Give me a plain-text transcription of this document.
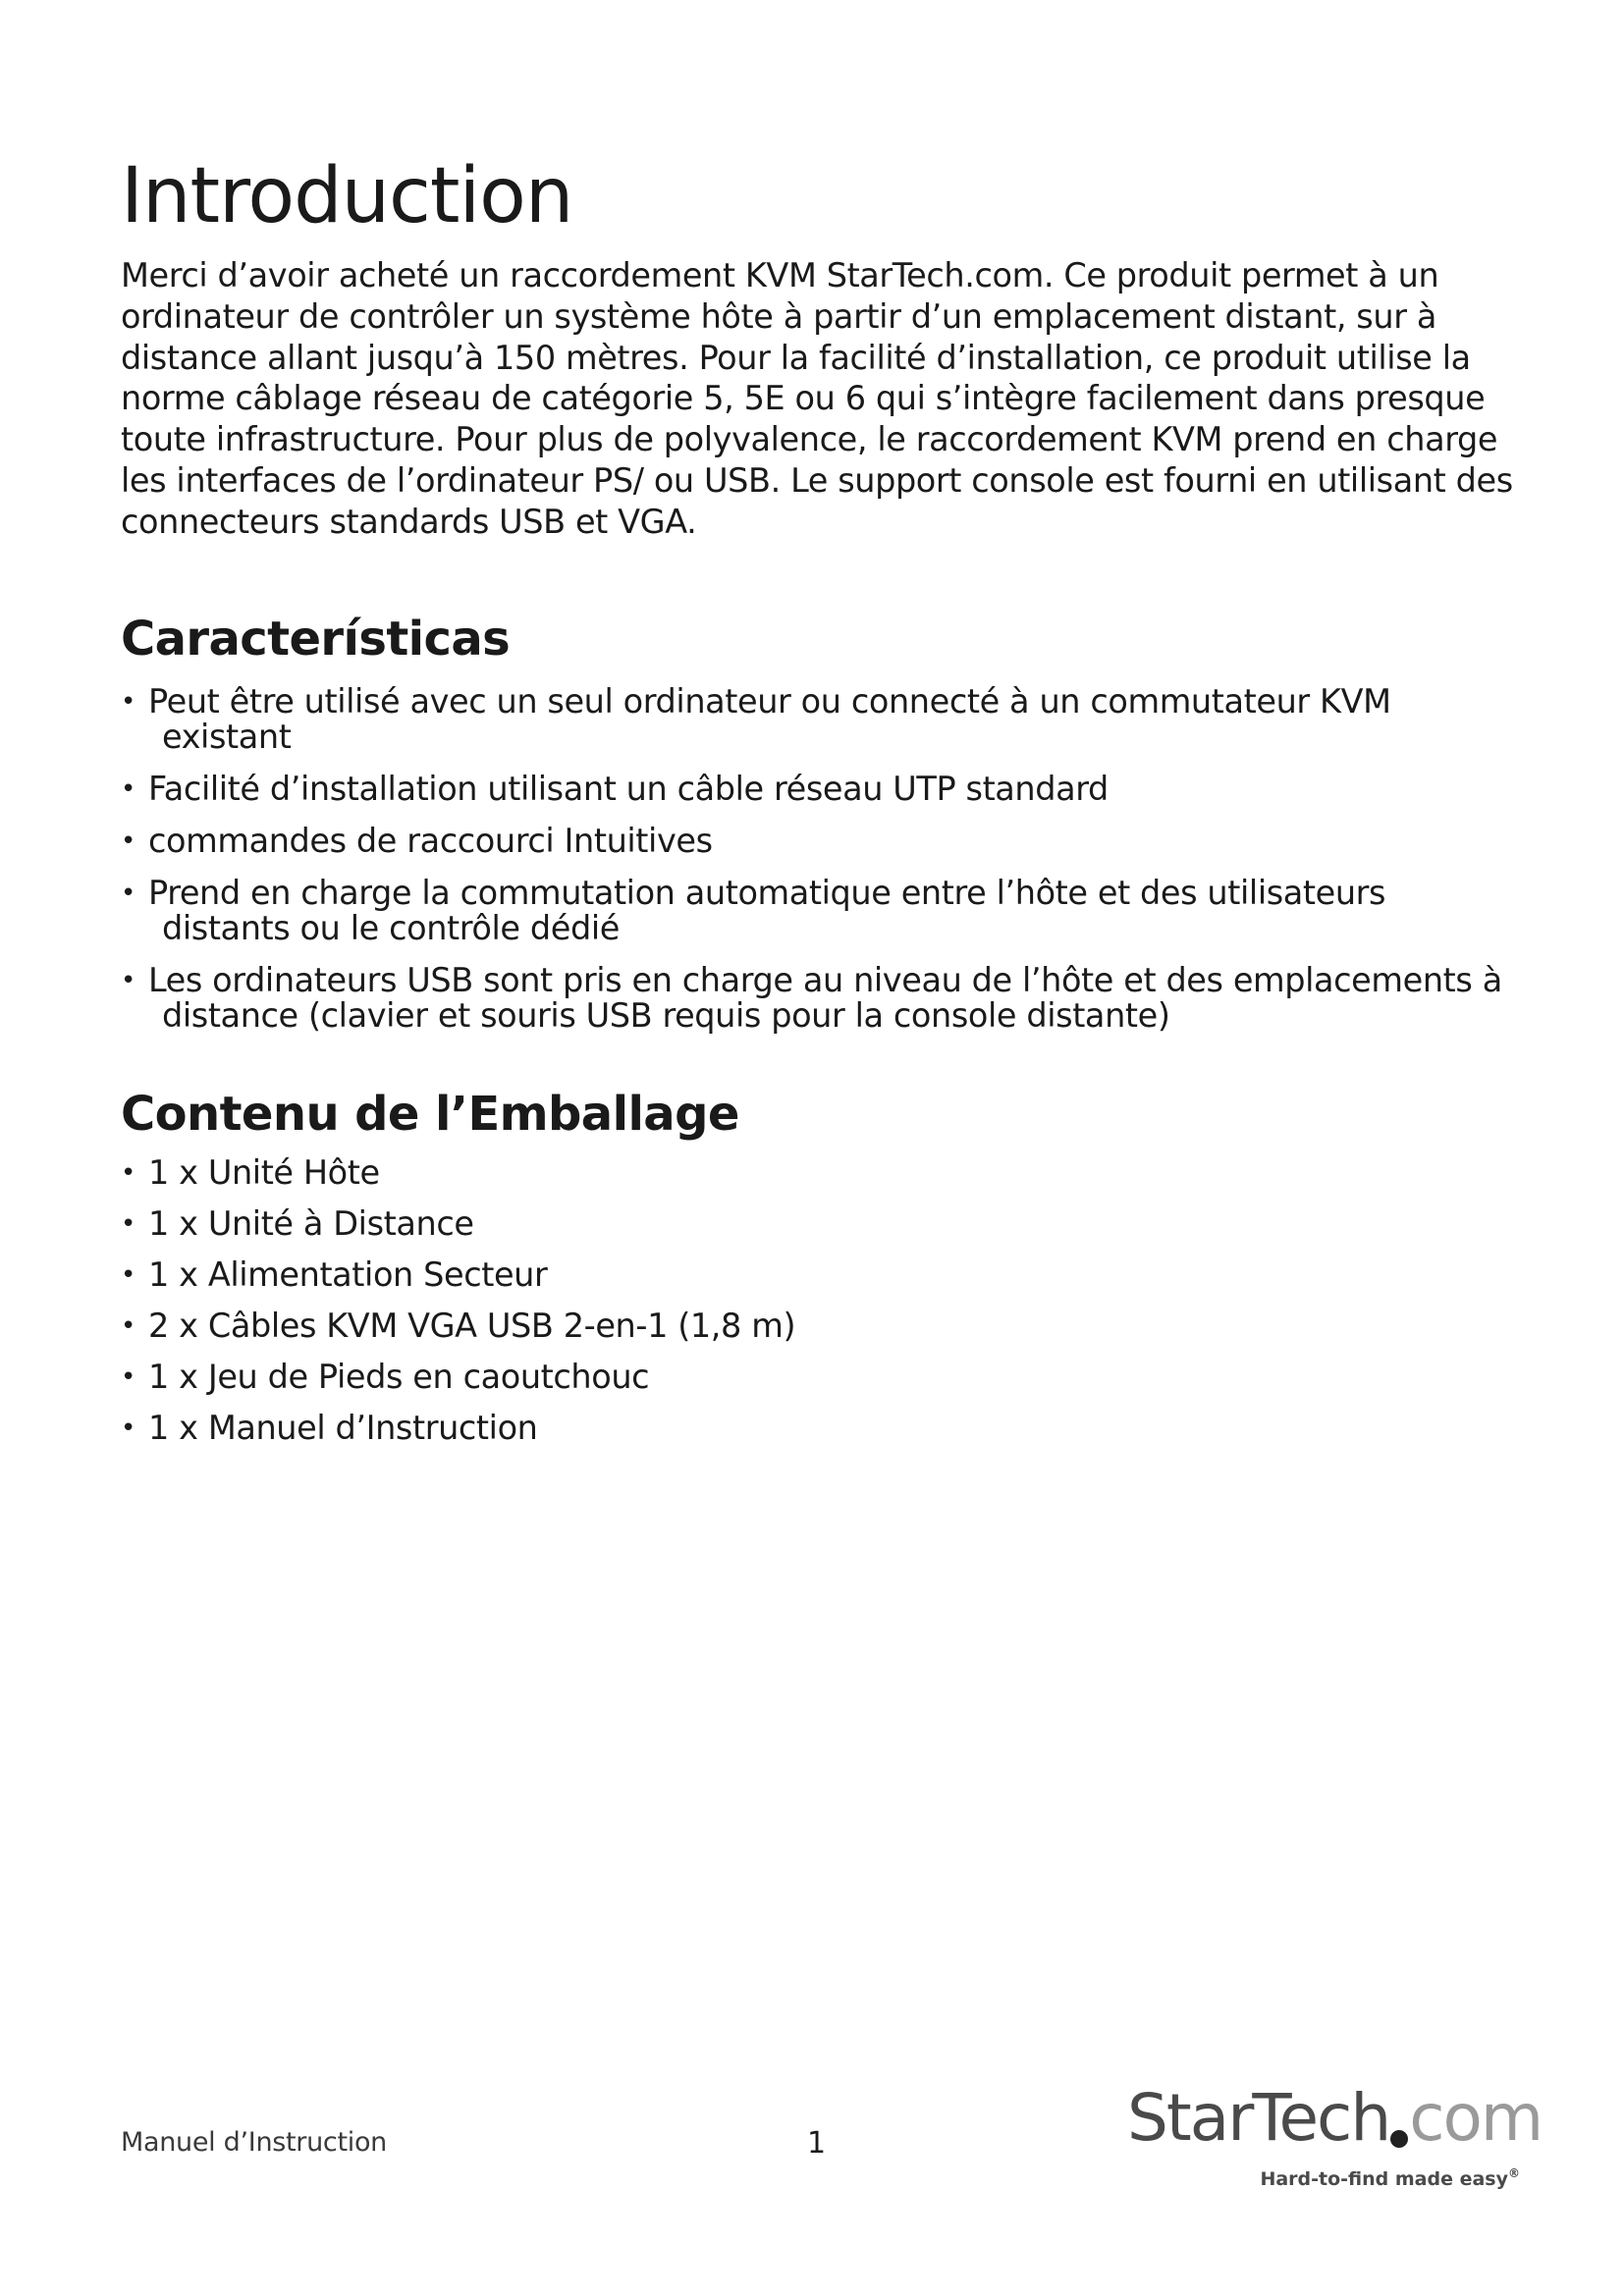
Introduction
Merci d’avoir acheté un raccordement KVM StarTech.com. Ce produit permet à un
ordinateur de contrôler un système hôte à partir d’un emplacement distant, sur à
distance allant jusqu’à 150 mètres. Pour la facilité d’installation, ce produit utilise la
norme câblage réseau de catégorie 5, 5E ou 6 qui s’intègre facilement dans presque
toute infrastructure. Pour plus de polyvalence, le raccordement KVM prend en charge
les interfaces de l’ordinateur PS/ ou USB. Le support console est fourni en utilisant des
connecteurs standards USB et VGA.
Características
• Peut être utilisé avec un seul ordinateur ou connecté à un commutateur KVM
existant
• Facilité d’installation utilisant un câble réseau UTP standard
• commandes de raccourci Intuitives
• Prend en charge la commutation automatique entre l’hôte et des utilisateurs
distants ou le contrôle dédié
• Les ordinateurs USB sont pris en charge au niveau de l’hôte et des emplacements à
distance (clavier et souris USB requis pour la console distante)
Contenu de l’Emballage
• 1 x Unité Hôte
• 1 x Unité à Distance
• 1 x Alimentation Secteur
• 2 x Câbles KVM VGA USB 2-en-1 (1,8 m)
• 1 x Jeu de Pieds en caoutchouc
• 1 x Manuel d’Instruction
Manuel d’Instruction	1	StarTech com
Hard-to-find made easy®
